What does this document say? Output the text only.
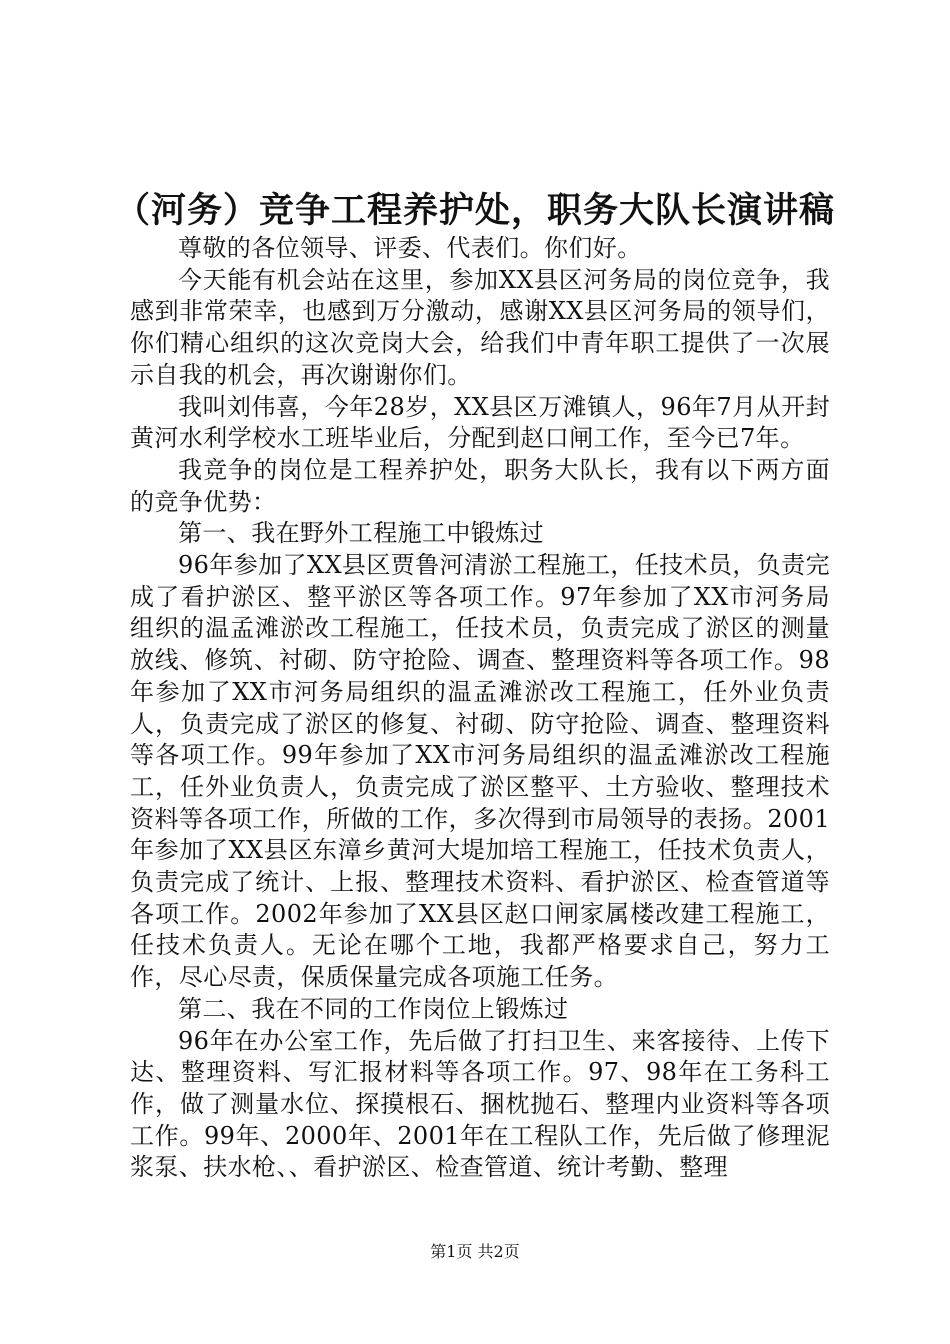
（河务）竞争工程养护处，职务大队长演讲稿

尊敬的各位领导、评委、代表们。你们好。

今天能有机会站在这里，参加XX县区河务局的岗位竞争，我感到非常荣幸，也感到万分激动，感谢XX县区河务局的领导们，你们精心组织的这次竞岗大会，给我们中青年职工提供了一次展示自我的机会，再次谢谢你们。

我叫刘伟喜，今年28岁，XX县区万滩镇人，96年7月从开封黄河水利学校水工班毕业后，分配到赵口闸工作，至今已7年。

我竞争的岗位是工程养护处，职务大队长，我有以下两方面的竞争优势：

第一、我在野外工程施工中锻炼过

96年参加了XX县区贾鲁河清淤工程施工，任技术员，负责完成了看护淤区、整平淤区等各项工作。97年参加了XX市河务局组织的温孟滩淤改工程施工，任技术员，负责完成了淤区的测量放线、修筑、衬砌、防守抢险、调查、整理资料等各项工作。98年参加了XX市河务局组织的温孟滩淤改工程施工，任外业负责人，负责完成了淤区的修复、衬砌、防守抢险、调查、整理资料等各项工作。99年参加了XX市河务局组织的温孟滩淤改工程施工，任外业负责人，负责完成了淤区整平、土方验收、整理技术资料等各项工作，所做的工作，多次得到市局领导的表扬。2001年参加了XX县区东漳乡黄河大堤加培工程施工，任技术负责人，负责完成了统计、上报、整理技术资料、看护淤区、检查管道等各项工作。2002年参加了XX县区赵口闸家属楼改建工程施工，任技术负责人。无论在哪个工地，我都严格要求自己，努力工作，尽心尽责，保质保量完成各项施工任务。

第二、我在不同的工作岗位上锻炼过

96年在办公室工作，先后做了打扫卫生、来客接待、上传下达、整理资料、写汇报材料等各项工作。97、98年在工务科工作，做了测量水位、探摸根石、捆枕抛石、整理内业资料等各项工作。99年、2000年、2001年在工程队工作，先后做了修理泥浆泵、扶水枪、、看护淤区、检查管道、统计考勤、整理

第1页 共2页
